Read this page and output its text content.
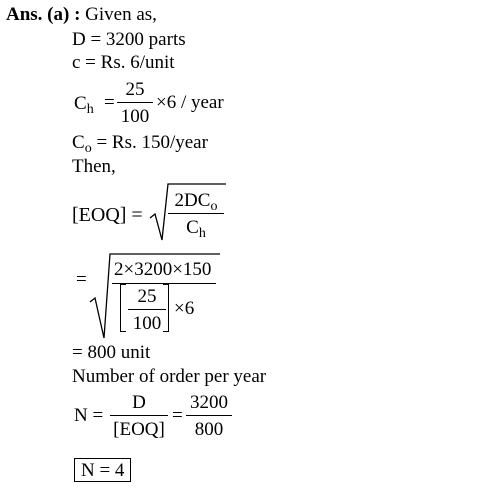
Ans. (a) : Given as,
D = 3200 parts
c = Rs. 6/unit
$C_h$ =
25
100
×6 / year
$C_o = Rs$. 150/year
Then,
[EOQ] =
$2DC_o$
$C_h$
= 2×3200×150
25
100
×6
= 800 unit
Number of order per year
N =
D
[EOQ]
=
3200
800
N = 4
